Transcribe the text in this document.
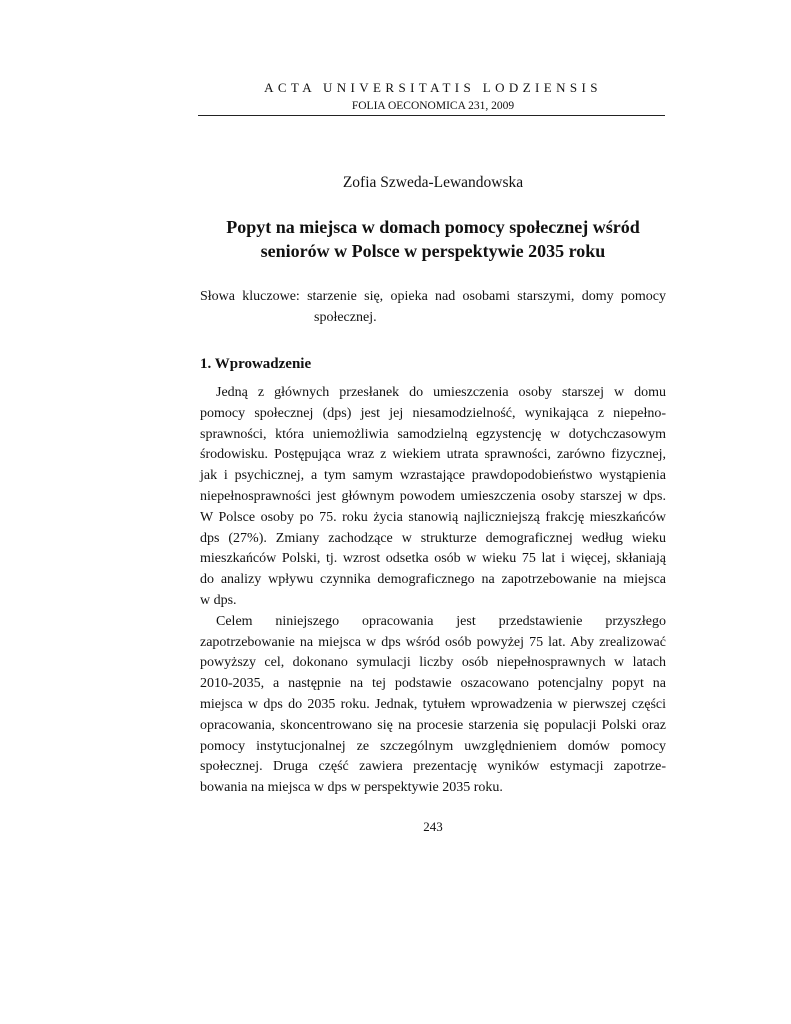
ACTA UNIVERSITATIS LODZIENSIS
FOLIA OECONOMICA 231, 2009
Zofia Szweda-Lewandowska
Popyt na miejsca w domach pomocy społecznej wśród
seniorów w Polsce w perspektywie 2035 roku
Słowa kluczowe: starzenie się, opieka nad osobami starszymi, domy pomocy
społecznej.
1. Wprowadzenie
Jedną z głównych przesłanek do umieszczenia osoby starszej w domu
pomocy społecznej (dps) jest jej niesamodzielność, wynikająca z niepełno-
sprawności, która uniemożliwia samodzielną egzystencję w dotychczasowym
środowisku. Postępująca wraz z wiekiem utrata sprawności, zarówno fizycznej,
jak i psychicznej, a tym samym wzrastające prawdopodobieństwo wystąpienia
niepełnosprawności jest głównym powodem umieszczenia osoby starszej w dps.
W Polsce osoby po 75. roku życia stanowią najliczniejszą frakcję mieszkańców
dps (27%). Zmiany zachodzące w strukturze demograficznej według wieku
mieszkańców Polski, tj. wzrost odsetka osób w wieku 75 lat i więcej, skłaniają
do analizy wpływu czynnika demograficznego na zapotrzebowanie na miejsca
w dps.
Celem niniejszego opracowania jest przedstawienie przyszłego
zapotrzebowanie na miejsca w dps wśród osób powyżej 75 lat. Aby zrealizować
powyższy cel, dokonano symulacji liczby osób niepełnosprawnych w latach
2010-2035, a następnie na tej podstawie oszacowano potencjalny popyt na
miejsca w dps do 2035 roku. Jednak, tytułem wprowadzenia w pierwszej części
opracowania, skoncentrowano się na procesie starzenia się populacji Polski oraz
pomocy instytucjonalnej ze szczególnym uwzględnieniem domów pomocy
społecznej. Druga część zawiera prezentację wyników estymacji zapotrze-
bowania na miejsca w dps w perspektywie 2035 roku.
243
